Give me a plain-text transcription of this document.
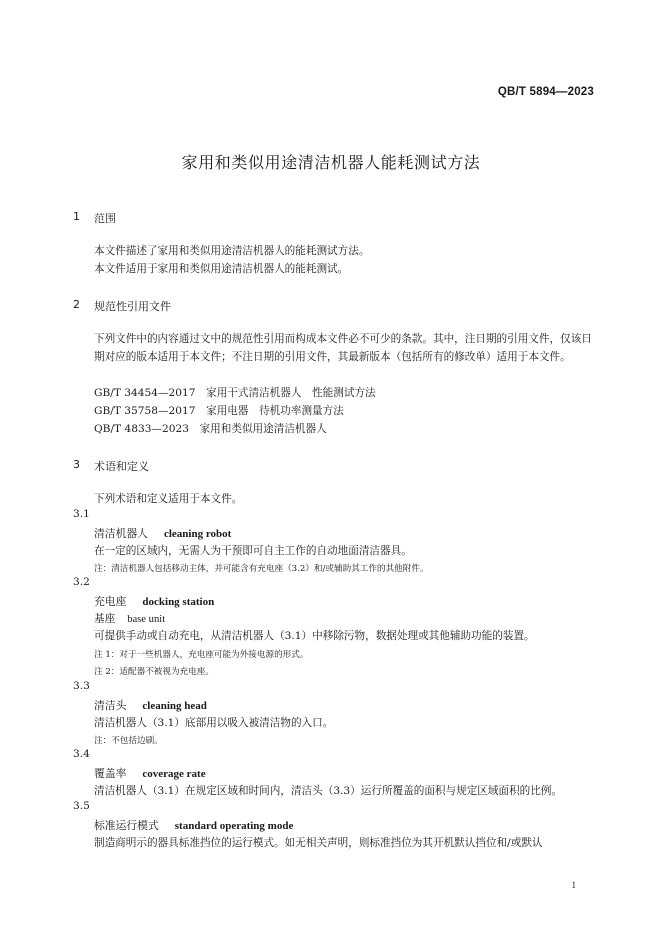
QB/T 5894—2023
家用和类似用途清洁机器人能耗测试方法
1 范围
本文件描述了家用和类似用途清洁机器人的能耗测试方法。
本文件适用于家用和类似用途清洁机器人的能耗测试。
2 规范性引用文件
下列文件中的内容通过文中的规范性引用而构成本文件必不可少的条款。其中，注日期的引用文件，仅该日期对应的版本适用于本文件；不注日期的引用文件，其最新版本（包括所有的修改单）适用于本文件。
GB/T 34454—2017　 家用干式清洁机器人　性能测试方法
GB/T 35758—2017　 家用电器　待机功率测量方法
QB/T 4833—2023　 家用和类似用途清洁机器人
3 术语和定义
下列术语和定义适用于本文件。
3.1
清洁机器人 cleaning robot
在一定的区域内，无需人为干预即可自主工作的自动地面清洁器具。
注：清洁机器人包括移动主体，并可能含有充电座（3.2）和/或辅助其工作的其他附件。
3.2
充电座 docking station
基座 base unit
可提供手动或自动充电，从清洁机器人（3.1）中移除污物，数据处理或其他辅助功能的装置。
注 1：对于一些机器人，充电座可能为外接电源的形式。
注 2：适配器不被视为充电座。
3.3
清洁头 cleaning head
清洁机器人（3.1）底部用以吸入被清洁物的入口。
注：不包括边刷。
3.4
覆盖率 coverage rate
清洁机器人（3.1）在规定区域和时间内，清洁头（3.3）运行所覆盖的面积与规定区域面积的比例。
3.5
标准运行模式 standard operating mode
制造商明示的器具标准挡位的运行模式。如无相关声明，则标准挡位为其开机默认挡位和/或默认
1
